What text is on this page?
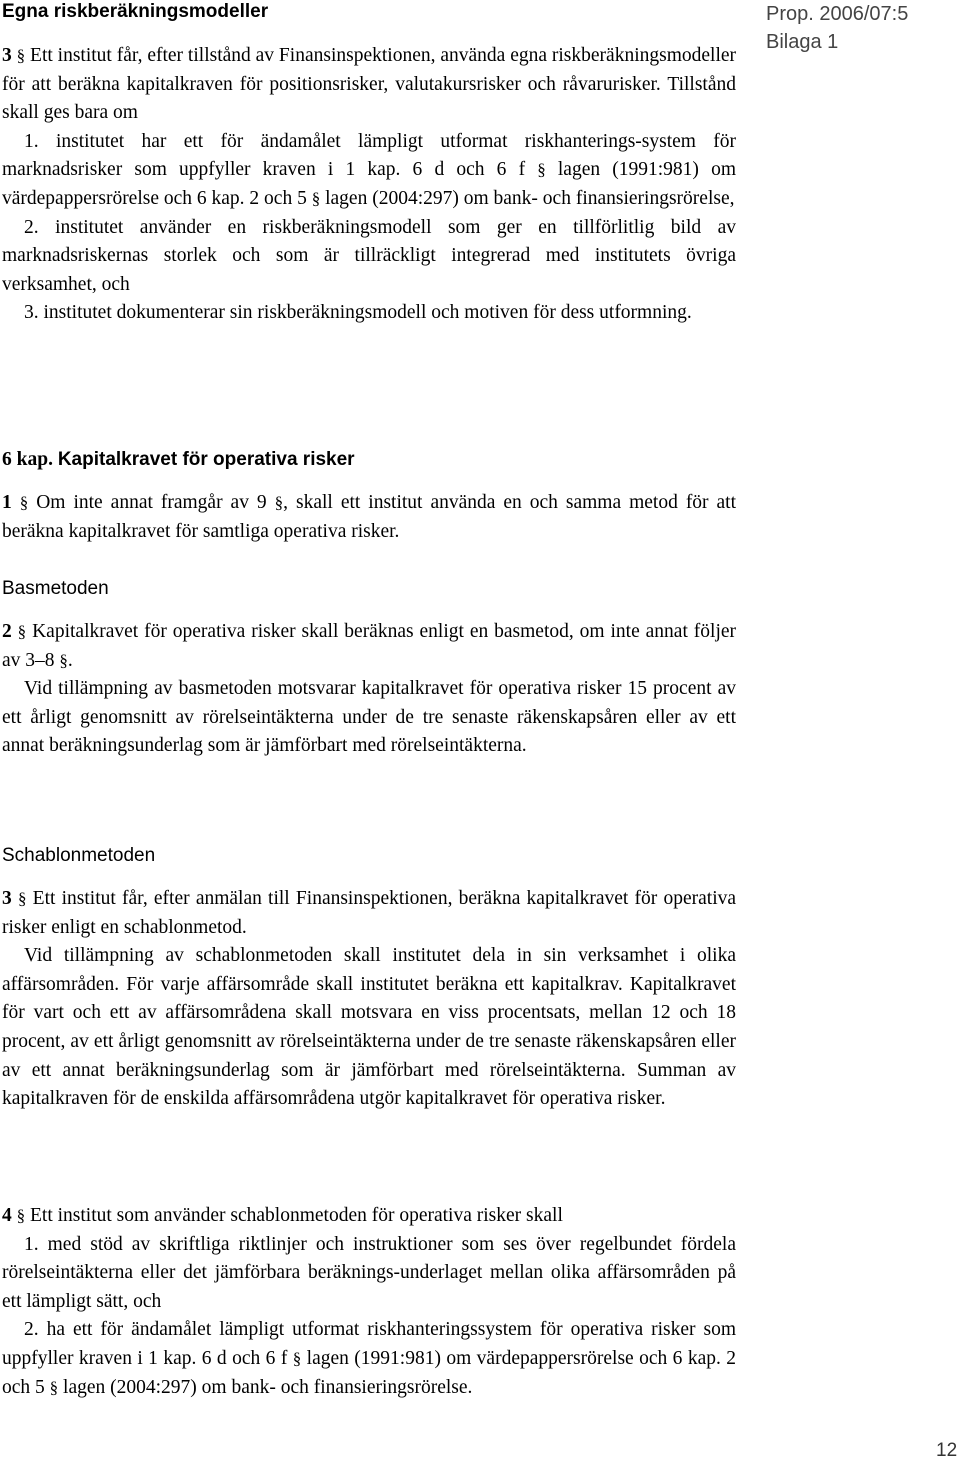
Prop. 2006/07:5
Bilaga 1
Egna riskberäkningsmodeller

3 § Ett institut får, efter tillstånd av Finansinspektionen, använda egna riskberäkningsmodeller för att beräkna kapitalkraven för positionsrisker, valutakursrisker och råvarurisker. Tillstånd skall ges bara om

1. institutet har ett för ändamålet lämpligt utformat riskhanterings-system för marknadsrisker som uppfyller kraven i 1 kap. 6 d och 6 f § lagen (1991:981) om värdepappersrörelse och 6 kap. 2 och 5 § lagen (2004:297) om bank- och finansieringsrörelse,

2. institutet använder en riskberäkningsmodell som ger en tillförlitlig bild av marknadsriskernas storlek och som är tillräckligt integrerad med institutets övriga verksamhet, och

3. institutet dokumenterar sin riskberäkningsmodell och motiven för dess utformning.

6 kap. Kapitalkravet för operativa risker

1 § Om inte annat framgår av 9 §, skall ett institut använda en och samma metod för att beräkna kapitalkravet för samtliga operativa risker.

Basmetoden

2 § Kapitalkravet för operativa risker skall beräknas enligt en basmetod, om inte annat följer av 3–8 §.

Vid tillämpning av basmetoden motsvarar kapitalkravet för operativa risker 15 procent av ett årligt genomsnitt av rörelseintäkterna under de tre senaste räkenskapsåren eller av ett annat beräkningsunderlag som är jämförbart med rörelseintäkterna.

Schablonmetoden

3 § Ett institut får, efter anmälan till Finansinspektionen, beräkna kapitalkravet för operativa risker enligt en schablonmetod.

Vid tillämpning av schablonmetoden skall institutet dela in sin verksamhet i olika affärsområden. För varje affärsområde skall institutet beräkna ett kapitalkrav. Kapitalkravet för vart och ett av affärsområdena skall motsvara en viss procentsats, mellan 12 och 18 procent, av ett årligt genomsnitt av rörelseintäkterna under de tre senaste räkenskapsåren eller av ett annat beräkningsunderlag som är jämförbart med rörelseintäkterna. Summan av kapitalkraven för de enskilda affärsområdena utgör kapitalkravet för operativa risker.

4 § Ett institut som använder schablonmetoden för operativa risker skall

1. med stöd av skriftliga riktlinjer och instruktioner som ses över regelbundet fördela rörelseintäkterna eller det jämförbara beräknings-underlaget mellan olika affärsområden på ett lämpligt sätt, och

2. ha ett för ändamålet lämpligt utformat riskhanteringssystem för operativa risker som uppfyller kraven i 1 kap. 6 d och 6 f § lagen (1991:981) om värdepappersrörelse och 6 kap. 2 och 5 § lagen (2004:297) om bank- och finansieringsrörelse.

12
